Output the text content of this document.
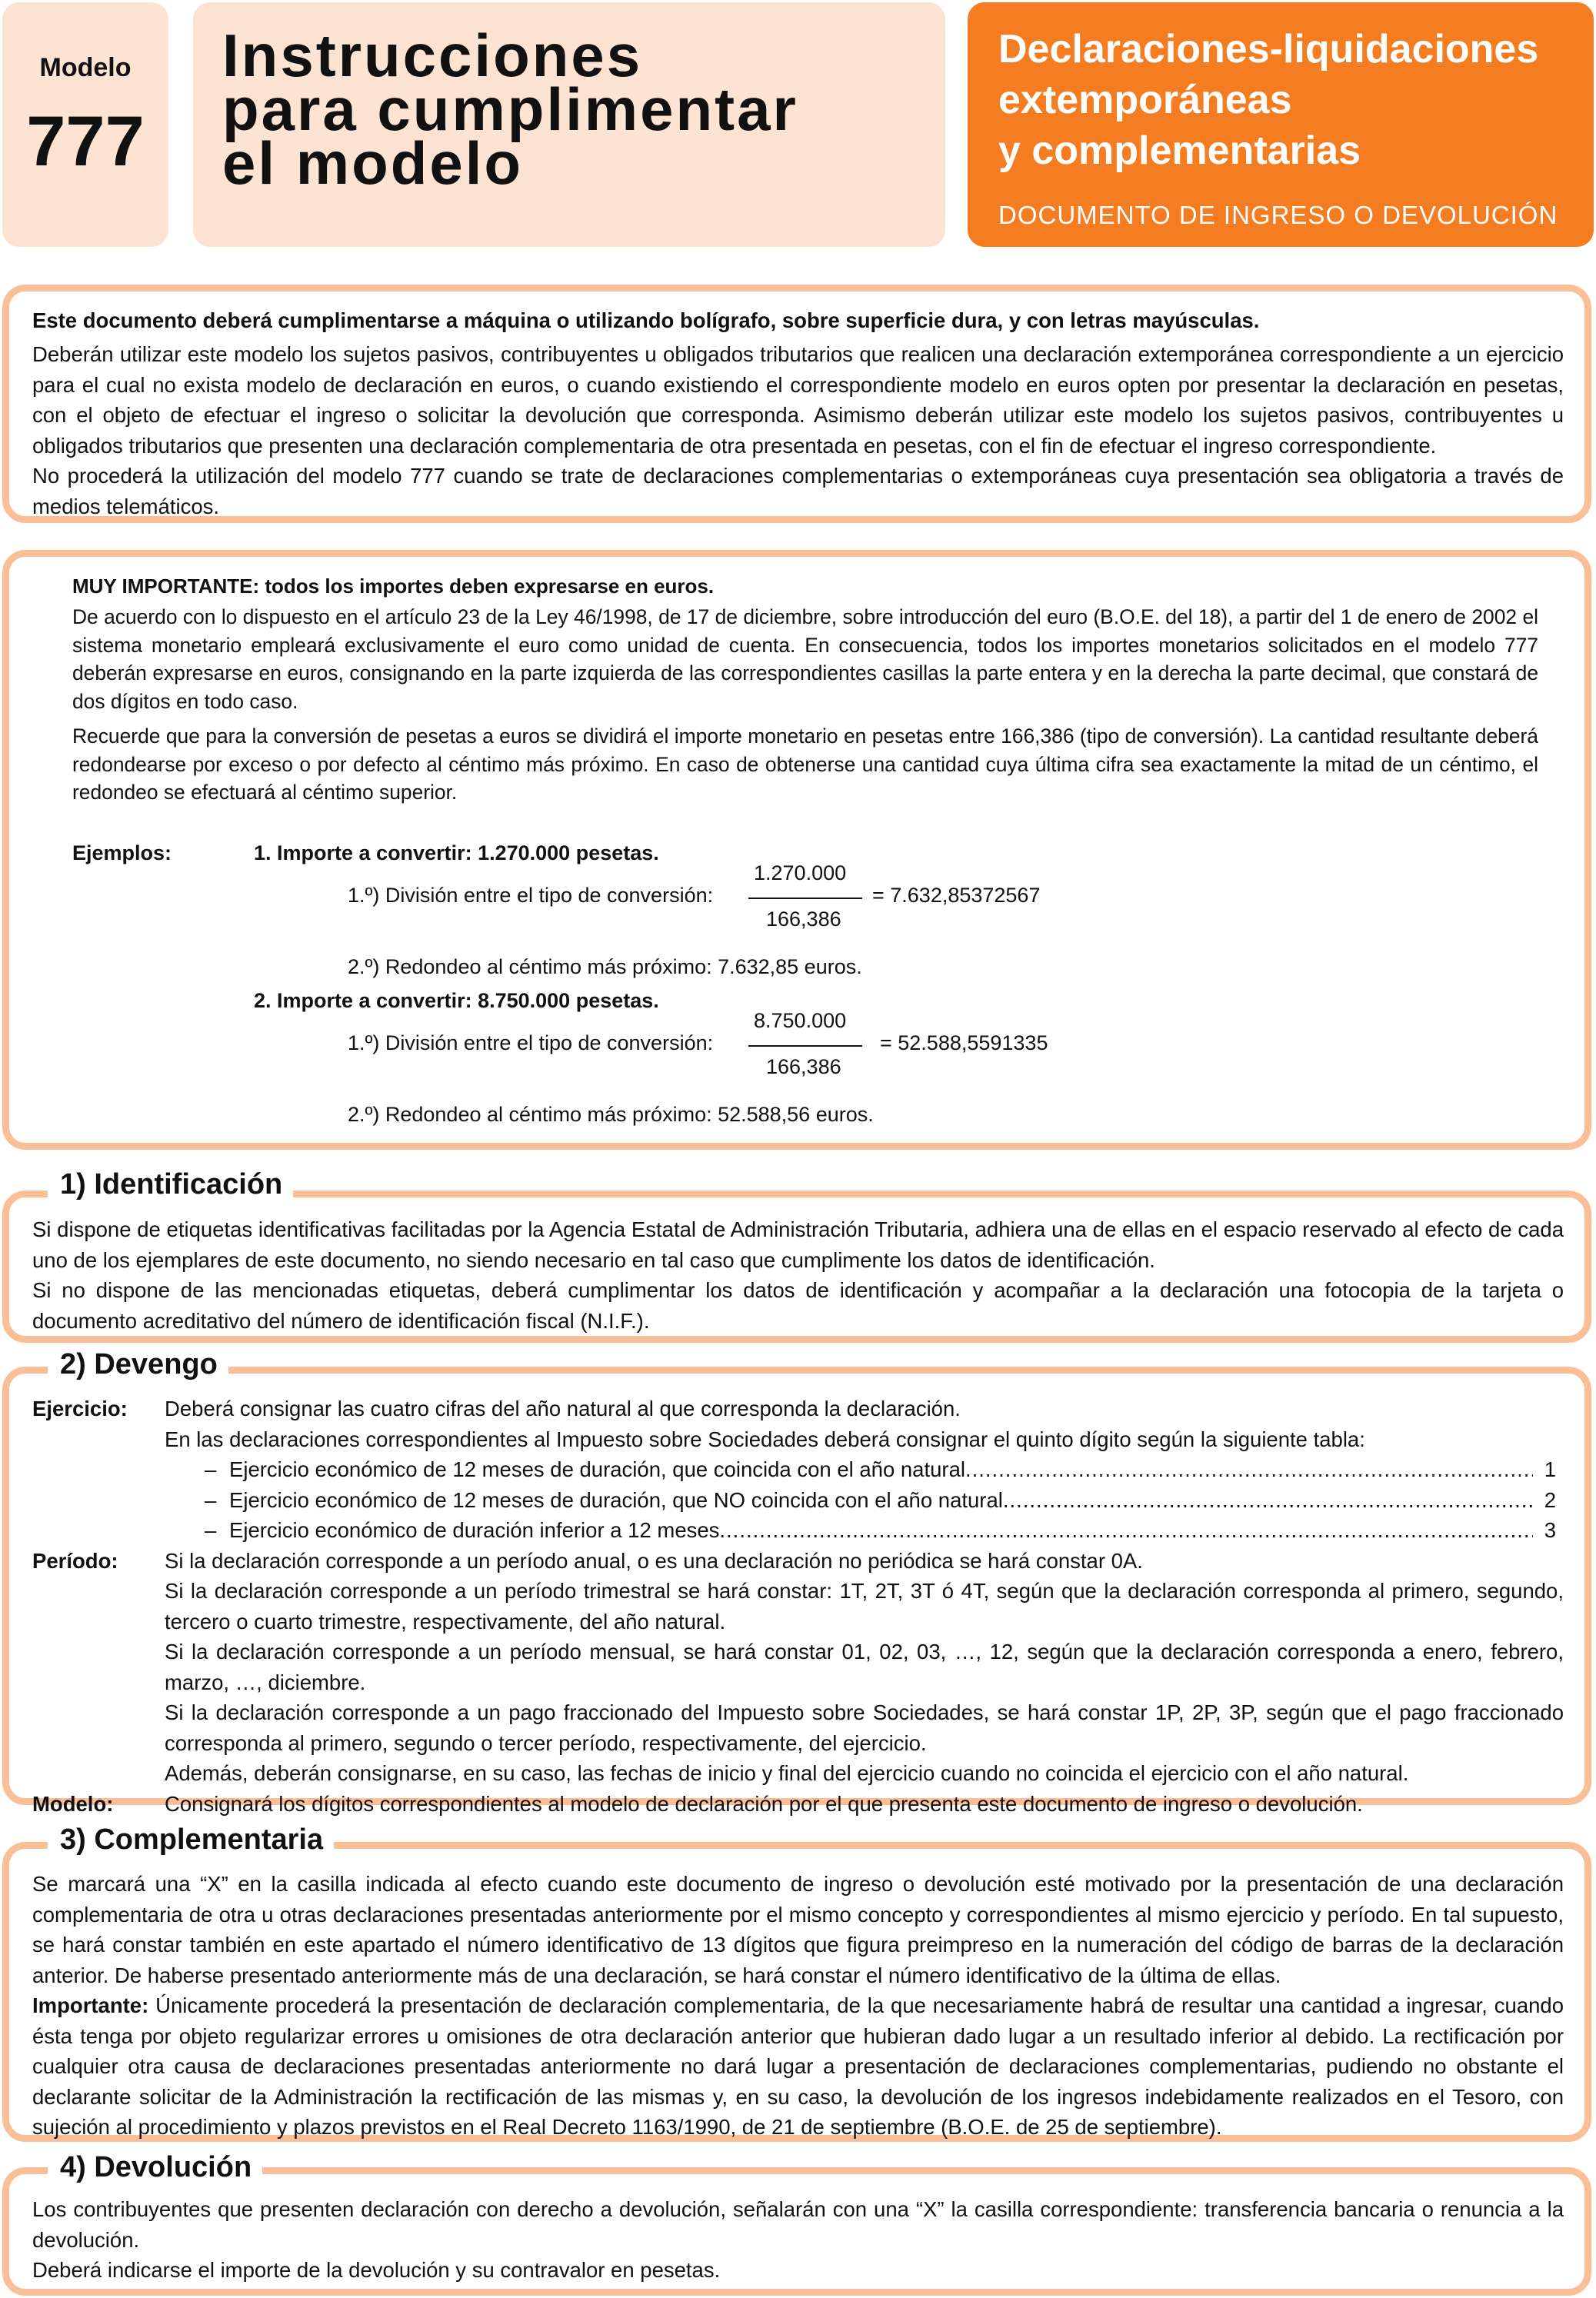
Modelo
777
Instrucciones
para cumplimentar
el modelo
Declaraciones-liquidaciones
extemporáneas
y complementarias
DOCUMENTO DE INGRESO O DEVOLUCIÓN
Este documento deberá cumplimentarse a máquina o utilizando bolígrafo, sobre superficie dura, y con letras mayúsculas.

Deberán utilizar este modelo los sujetos pasivos, contribuyentes u obligados tributarios que realicen una declaración extemporánea correspondiente a un ejercicio para el cual no exista modelo de declaración en euros, o cuando existiendo el correspondiente modelo en euros opten por presentar la declaración en pesetas, con el objeto de efectuar el ingreso o solicitar la devolución que corresponda. Asimismo deberán utilizar este modelo los sujetos pasivos, contribuyentes u obligados tributarios que presenten una declaración complementaria de otra presentada en pesetas, con el fin de efectuar el ingreso correspondiente.

No procederá la utilización del modelo 777 cuando se trate de declaraciones complementarias o extemporáneas cuya presentación sea obligatoria a través de medios telemáticos.

MUY IMPORTANTE: todos los importes deben expresarse en euros.

De acuerdo con lo dispuesto en el artículo 23 de la Ley 46/1998, de 17 de diciembre, sobre introducción del euro (B.O.E. del 18), a partir del 1 de enero de 2002 el sistema monetario empleará exclusivamente el euro como unidad de cuenta. En consecuencia, todos los importes monetarios solicitados en el modelo 777 deberán expresarse en euros, consignando en la parte izquierda de las correspondientes casillas la parte entera y en la derecha la parte decimal, que constará de dos dígitos en todo caso.

Recuerde que para la conversión de pesetas a euros se dividirá el importe monetario en pesetas entre 166,386 (tipo de conversión). La cantidad resultante deberá redondearse por exceso o por defecto al céntimo más próximo. En caso de obtenerse una cantidad cuya última cifra sea exactamente la mitad de un céntimo, el redondeo se efectuará al céntimo superior.

Ejemplos:	1. Importe a convertir: 1.270.000 pesetas.
1.º) División entre el tipo de conversión:
1.270.000
166,386
= 7.632,85372567
2.º) Redondeo al céntimo más próximo: 7.632,85 euros.
2. Importe a convertir: 8.750.000 pesetas.
1.º) División entre el tipo de conversión:
8.750.000
166,386
= 52.588,5591335
2.º) Redondeo al céntimo más próximo: 52.588,56 euros.

Si dispone de etiquetas identificativas facilitadas por la Agencia Estatal de Administración Tributaria, adhiera una de ellas en el espacio reservado al efecto de cada uno de los ejemplares de este documento, no siendo necesario en tal caso que cumplimente los datos de identificación.

Si no dispone de las mencionadas etiquetas, deberá cumplimentar los datos de identificación y acompañar a la declaración una fotocopia de la tarjeta o documento acreditativo del número de identificación fiscal (N.I.F.).

1) Identificación
Ejercicio:	Deberá consignar las cuatro cifras del año natural al que corresponda la declaración.
En las declaraciones correspondientes al Impuesto sobre Sociedades deberá consignar el quinto dígito según la siguiente tabla:
– Ejercicio económico de 12 meses de duración, que coincida con el año natural .....	1
– Ejercicio económico de 12 meses de duración, que NO coincida con el año natural .....	2
– Ejercicio económico de duración inferior a 12 meses .....	3
Período:	Si la declaración corresponde a un período anual, o es una declaración no periódica se hará constar 0A.

Si la declaración corresponde a un período trimestral se hará constar: 1T, 2T, 3T ó 4T, según que la declaración corresponda al primero, segundo, tercero o cuarto trimestre, respectivamente, del año natural.

Si la declaración corresponde a un período mensual, se hará constar 01, 02, 03, …, 12, según que la declaración corresponda a enero, febrero, marzo, …, diciembre.

Si la declaración corresponde a un pago fraccionado del Impuesto sobre Sociedades, se hará constar 1P, 2P, 3P, según que el pago fraccionado corresponda al primero, segundo o tercer período, respectivamente, del ejercicio.

Además, deberán consignarse, en su caso, las fechas de inicio y final del ejercicio cuando no coincida el ejercicio con el año natural.

Modelo:	Consignará los dígitos correspondientes al modelo de declaración por el que presenta este documento de ingreso o devolución.
2) Devengo

Se marcará una “X” en la casilla indicada al efecto cuando este documento de ingreso o devolución esté motivado por la presentación de una declaración complementaria de otra u otras declaraciones presentadas anteriormente por el mismo concepto y correspondientes al mismo ejercicio y período. En tal supuesto, se hará constar también en este apartado el número identificativo de 13 dígitos que figura preimpreso en la numeración del código de barras de la declaración anterior. De haberse presentado anteriormente más de una declaración, se hará constar el número identificativo de la última de ellas.

Importante: Únicamente procederá la presentación de declaración complementaria, de la que necesariamente habrá de resultar una cantidad a ingresar, cuando ésta tenga por objeto regularizar errores u omisiones de otra declaración anterior que hubieran dado lugar a un resultado inferior al debido. La rectificación por cualquier otra causa de declaraciones presentadas anteriormente no dará lugar a presentación de declaraciones complementarias, pudiendo no obstante el declarante solicitar de la Administración la rectificación de las mismas y, en su caso, la devolución de los ingresos indebidamente realizados en el Tesoro, con sujeción al procedimiento y plazos previstos en el Real Decreto 1163/1990, de 21 de septiembre (B.O.E. de 25 de septiembre).

3) Complementaria

Los contribuyentes que presenten declaración con derecho a devolución, señalarán con una “X” la casilla correspondiente: transferencia bancaria o renuncia a la devolución.

Deberá indicarse el importe de la devolución y su contravalor en pesetas.

4) Devolución
